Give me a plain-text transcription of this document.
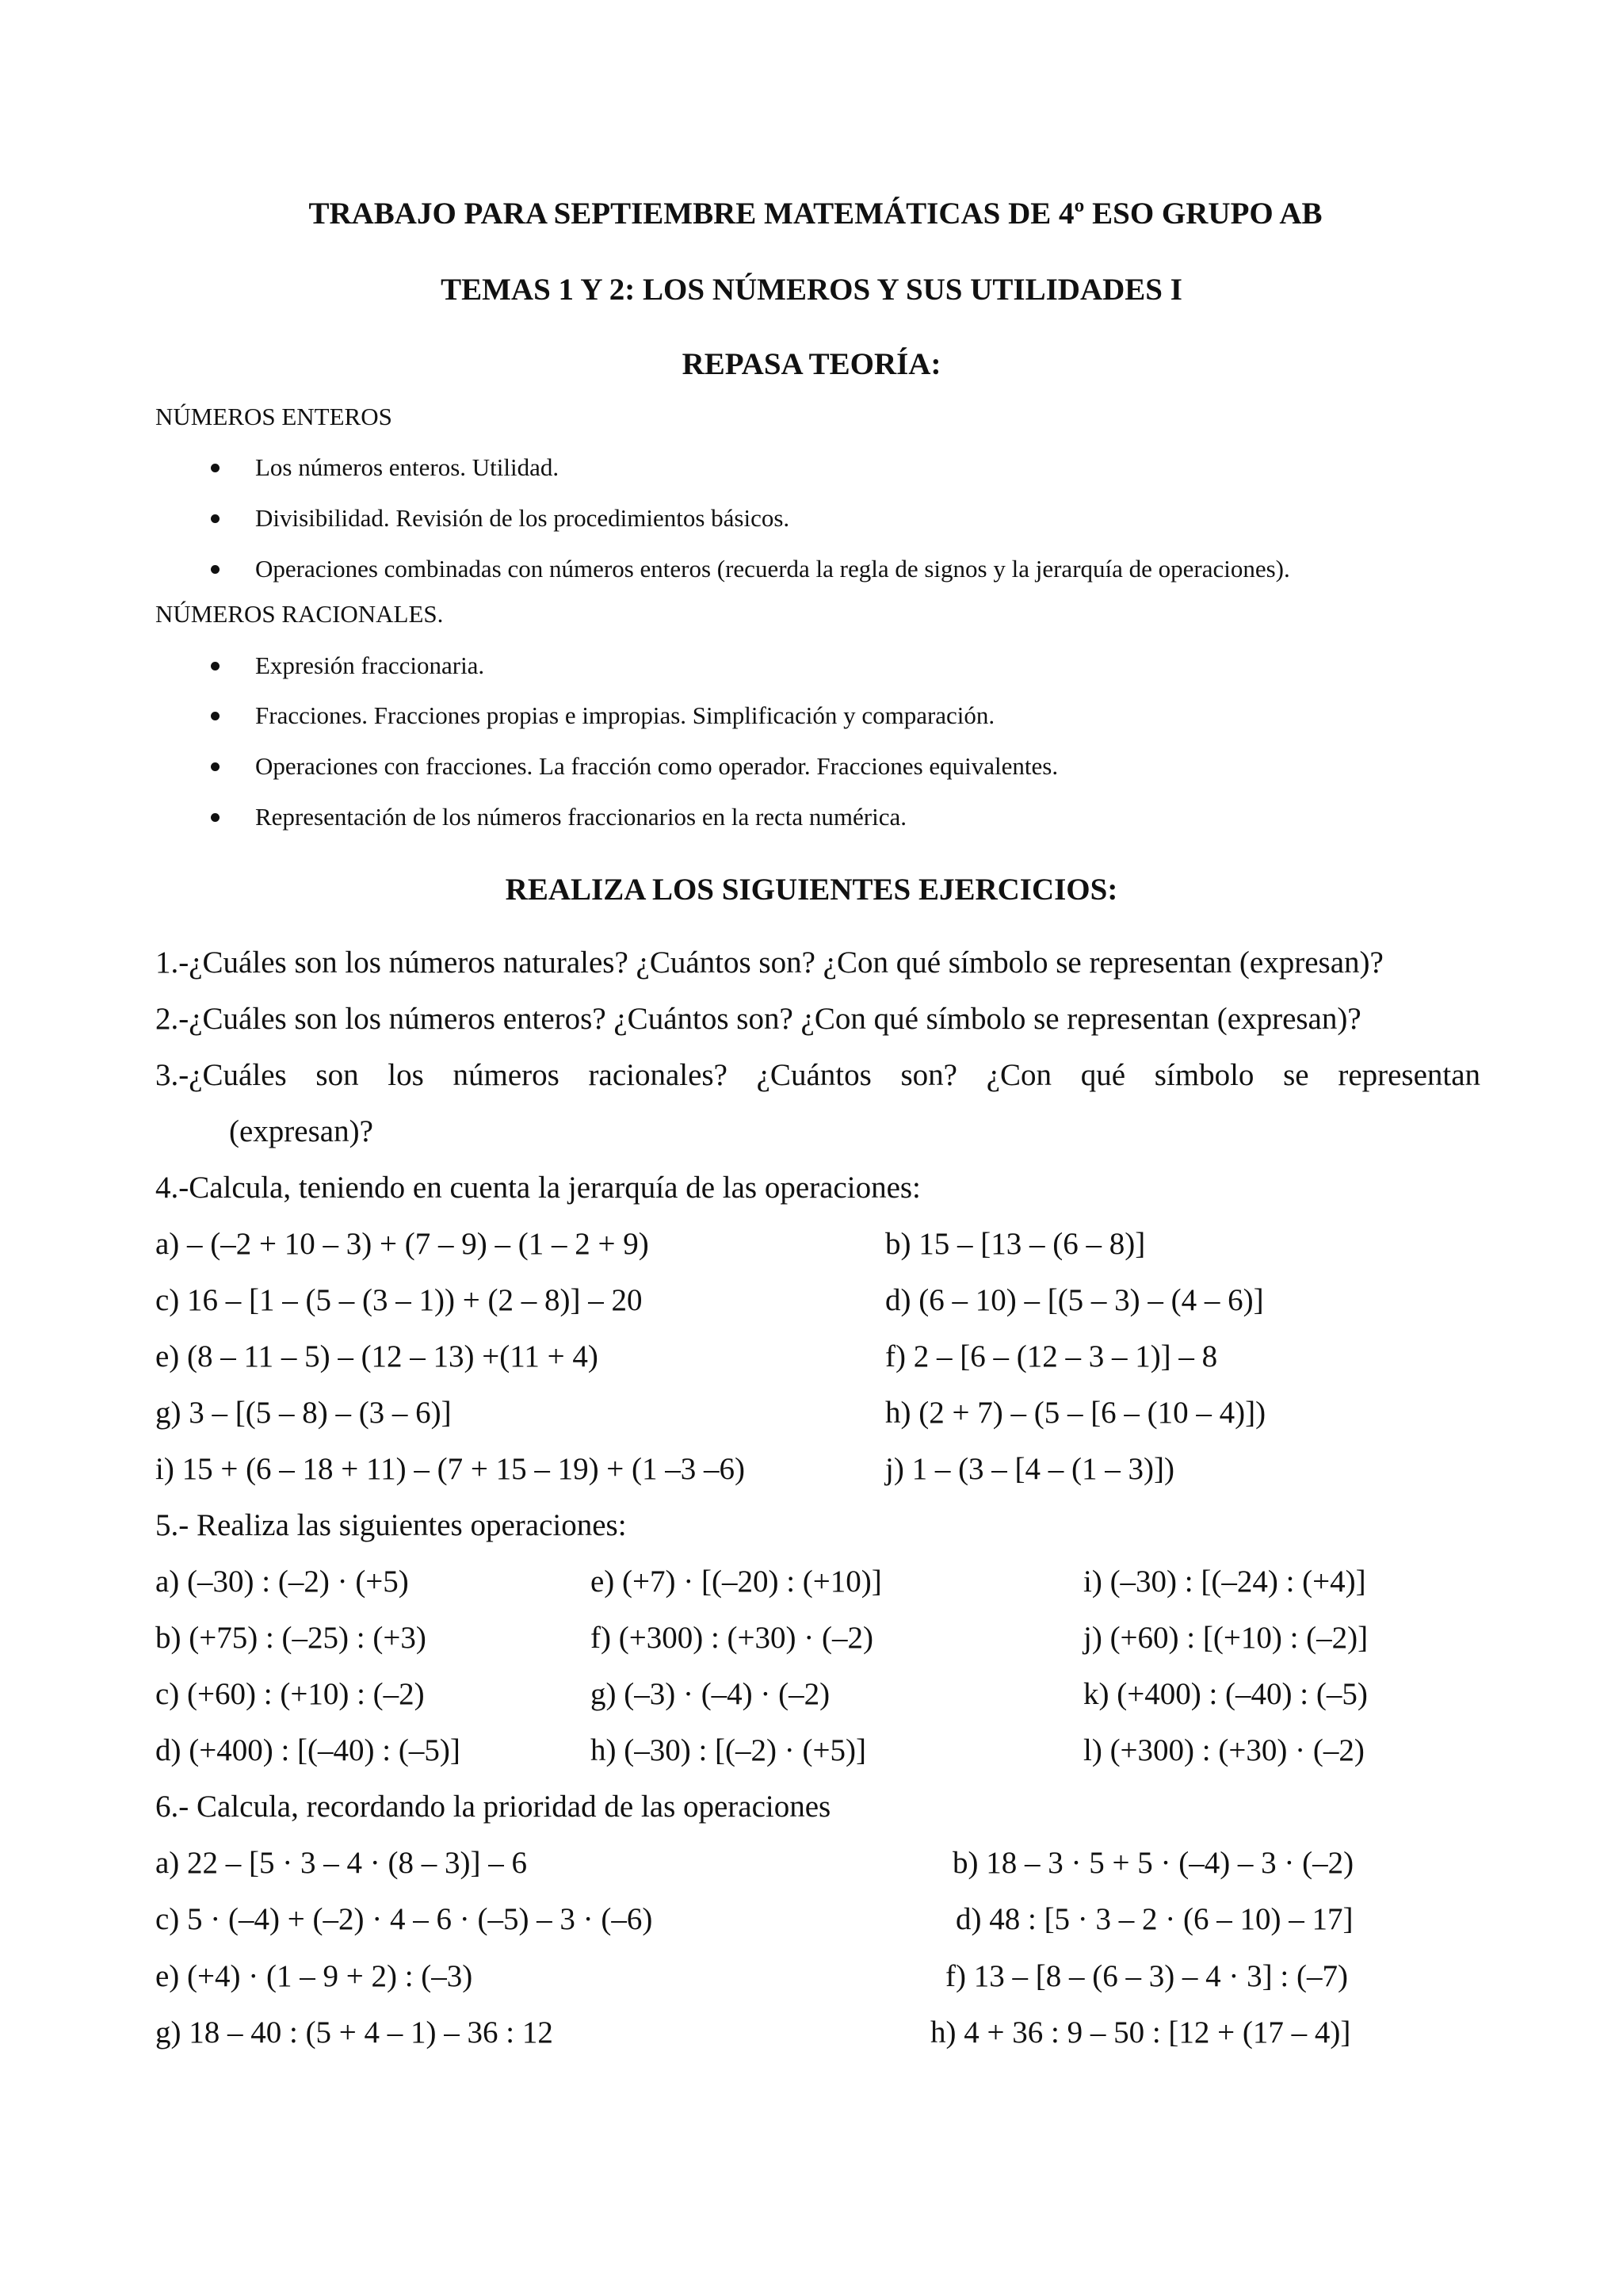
TRABAJO PARA SEPTIEMBRE MATEMÁTICAS DE 4º ESO GRUPO AB
TEMAS 1 Y 2: LOS NÚMEROS Y SUS UTILIDADES I
REPASA TEORÍA:
NÚMEROS ENTEROS
Los números enteros. Utilidad.
Divisibilidad. Revisión de los procedimientos básicos.
Operaciones combinadas con números enteros (recuerda la regla de signos y la jerarquía de operaciones).
NÚMEROS RACIONALES.
Expresión fraccionaria.
Fracciones. Fracciones propias e impropias. Simplificación y comparación.
Operaciones con fracciones. La fracción como operador. Fracciones equivalentes.
Representación de los números fraccionarios en la recta numérica.
REALIZA LOS SIGUIENTES EJERCICIOS:
1.-¿Cuáles son los números naturales? ¿Cuántos son? ¿Con qué símbolo se representan (expresan)?
2.-¿Cuáles son los números enteros? ¿Cuántos son? ¿Con qué símbolo se representan (expresan)?
3.-¿Cuáles son los números racionales? ¿Cuántos son? ¿Con qué símbolo se representan
(expresan)?
4.-Calcula, teniendo en cuenta la jerarquía de las operaciones:
a) – (–2 + 10 – 3) + (7 – 9) – (1 – 2 + 9)	b) 15 – [13 – (6 – 8)]
c) 16 – [1 – (5 – (3 – 1)) + (2 – 8)] – 20	d) (6 – 10) – [(5 – 3) – (4 – 6)]
e) (8 – 11 – 5) – (12 – 13) +(11 + 4)	f) 2 – [6 – (12 – 3 – 1)] – 8
g) 3 – [(5 – 8) – (3 – 6)]	h) (2 + 7) – (5 – [6 – (10 – 4)])
i) 15 + (6 – 18 + 11) – (7 + 15 – 19) + (1 –3 –6)	j) 1 – (3 – [4 – (1 – 3)])
5.- Realiza las siguientes operaciones:
a) (–30) : (–2) · (+5)	e) (+7) · [(–20) : (+10)]	i) (–30) : [(–24) : (+4)]
b) (+75) : (–25) : (+3)	f) (+300) : (+30) · (–2)	j) (+60) : [(+10) : (–2)]
c) (+60) : (+10) : (–2)	g) (–3) · (–4) · (–2)	k) (+400) : (–40) : (–5)
d) (+400) : [(–40) : (–5)]	h) (–30) : [(–2) · (+5)]	l) (+300) : (+30) · (–2)
6.- Calcula, recordando la prioridad de las operaciones
a) 22 – [5 · 3 – 4 · (8 – 3)] – 6	b) 18 – 3 · 5 + 5 · (–4) – 3 · (–2)
c) 5 · (–4) + (–2) · 4 – 6 · (–5) – 3 · (–6)	d) 48 : [5 · 3 – 2 · (6 – 10) – 17]
e) (+4) · (1 – 9 + 2) : (–3)	f) 13 – [8 – (6 – 3) – 4 · 3] : (–7)
g) 18 – 40 : (5 + 4 – 1) – 36 : 12	h) 4 + 36 : 9 – 50 : [12 + (17 – 4)]
